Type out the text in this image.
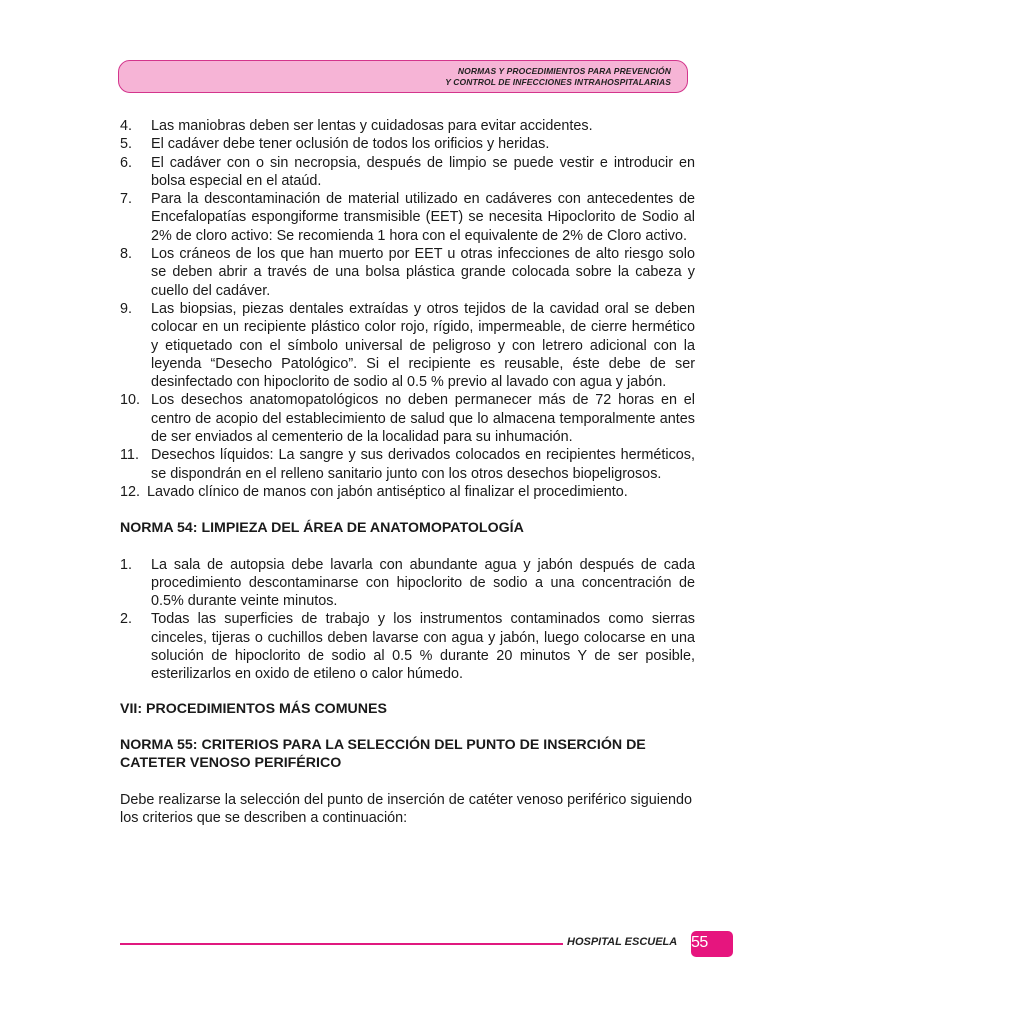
NORMAS Y PROCEDIMIENTOS PARA PREVENCIÓN
Y CONTROL DE INFECCIONES INTRAHOSPITALARIAS
4. Las maniobras deben ser lentas y cuidadosas para evitar accidentes.
5. El cadáver debe tener oclusión de todos los orificios y heridas.
6. El cadáver con o sin necropsia, después de limpio se puede vestir e introducir en bolsa especial en el ataúd.
7. Para la descontaminación de material utilizado en cadáveres con antecedentes de Encefalopatías espongiforme transmisible (EET) se necesita Hipoclorito de Sodio al 2% de cloro activo: Se recomienda 1 hora con el equivalente de 2% de Cloro activo.
8. Los cráneos de los que han muerto por EET u otras infecciones de alto riesgo solo se deben abrir a través de una bolsa plástica grande colocada sobre la cabeza y cuello del cadáver.
9. Las biopsias, piezas dentales extraídas y otros tejidos de la cavidad oral se deben colocar en un recipiente plástico color rojo, rígido, impermeable, de cierre hermético y etiquetado con el símbolo universal de peligroso y con letrero adicional con la leyenda “Desecho Patológico”. Si el recipiente es reusable, éste debe de ser desinfectado con hipoclorito de sodio al 0.5 % previo al lavado con agua y jabón.
10. Los desechos anatomopatológicos no deben permanecer más de 72 horas en el centro de acopio del establecimiento de salud que lo almacena temporalmente antes de ser enviados al cementerio de la localidad para su inhumación.
11. Desechos líquidos: La sangre y sus derivados colocados en recipientes herméticos, se dispondrán en el relleno sanitario junto con los otros desechos biopeligrosos.
12. Lavado clínico de manos con jabón antiséptico al finalizar el procedimiento.

NORMA 54: LIMPIEZA DEL ÁREA DE ANATOMOPATOLOGÍA

1. La sala de autopsia debe lavarla con abundante agua y jabón después de cada procedimiento descontaminarse con hipoclorito de sodio a una concentración de 0.5% durante veinte minutos.
2. Todas las superficies de trabajo y los instrumentos contaminados como sierras cinceles, tijeras o cuchillos deben lavarse con agua y jabón, luego colocarse en una solución de hipoclorito de sodio al 0.5 % durante 20 minutos Y de ser posible, esterilizarlos en oxido de etileno o calor húmedo.

VII: PROCEDIMIENTOS MÁS COMUNES

NORMA 55: CRITERIOS PARA LA SELECCIÓN DEL PUNTO DE INSERCIÓN DE CATETER VENOSO PERIFÉRICO

Debe realizarse la selección del punto de inserción de catéter venoso periférico siguiendo los criterios que se describen a continuación:

HOSPITAL ESCUELA 55
